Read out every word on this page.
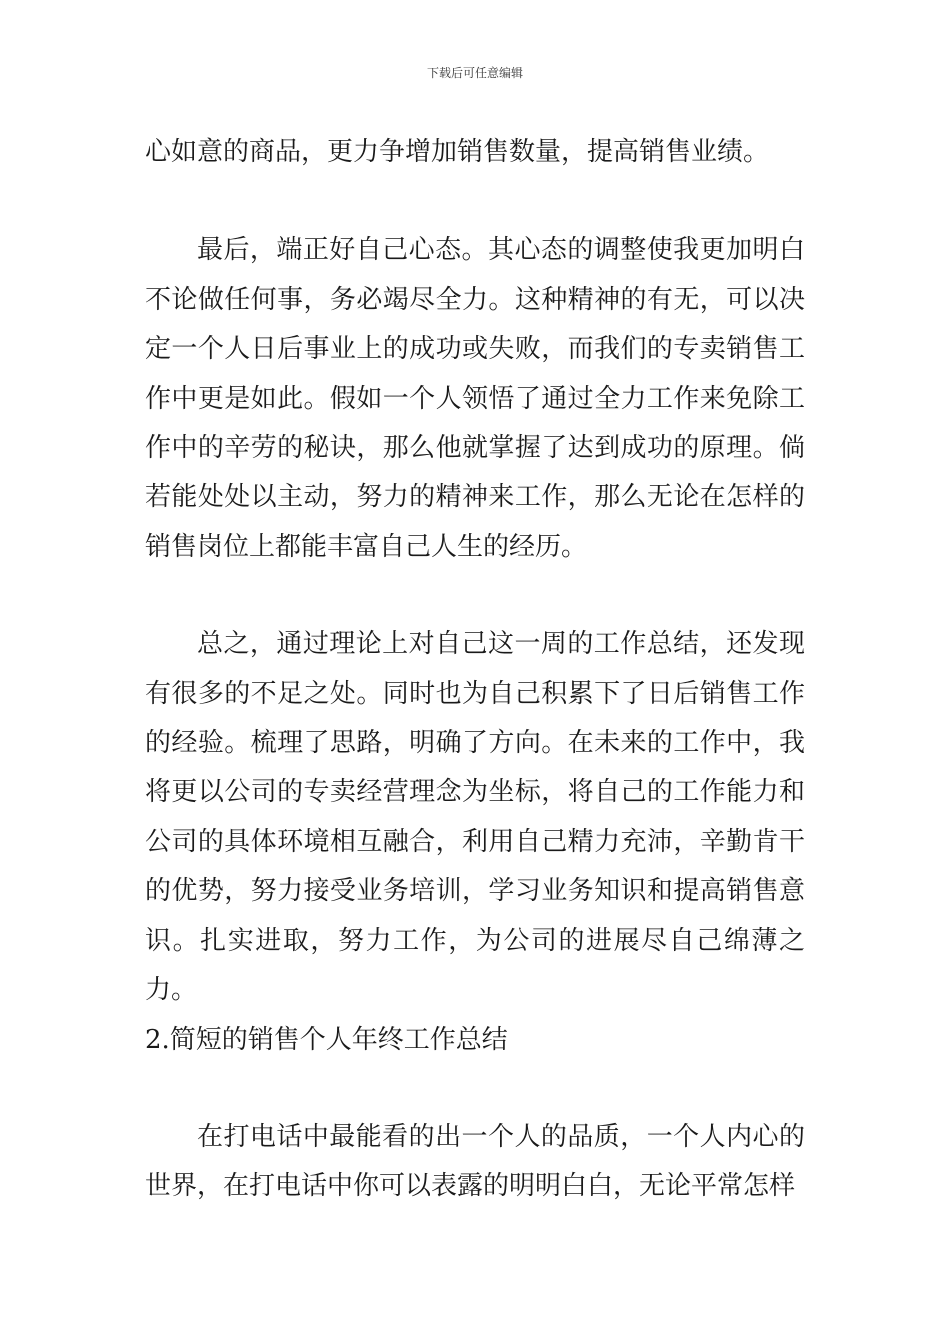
下载后可任意编辑

心如意的商品，更力争增加销售数量，提高销售业绩。

最后，端正好自己心态。其心态的调整使我更加明白不论做任何事，务必竭尽全力。这种精神的有无，可以决定一个人日后事业上的成功或失败，而我们的专卖销售工作中更是如此。假如一个人领悟了通过全力工作来免除工作中的辛劳的秘诀，那么他就掌握了达到成功的原理。倘若能处处以主动，努力的精神来工作，那么无论在怎样的销售岗位上都能丰富自己人生的经历。

总之，通过理论上对自己这一周的工作总结，还发现有很多的不足之处。同时也为自己积累下了日后销售工作的经验。梳理了思路，明确了方向。在未来的工作中，我将更以公司的专卖经营理念为坐标，将自己的工作能力和公司的具体环境相互融合，利用自己精力充沛，辛勤肯干的优势，努力接受业务培训，学习业务知识和提高销售意识。扎实进取，努力工作，为公司的进展尽自己绵薄之力。

2.简短的销售个人年终工作总结

在打电话中最能看的出一个人的品质，一个人内心的世界，在打电话中你可以表露的明明白白，无论平常怎样
